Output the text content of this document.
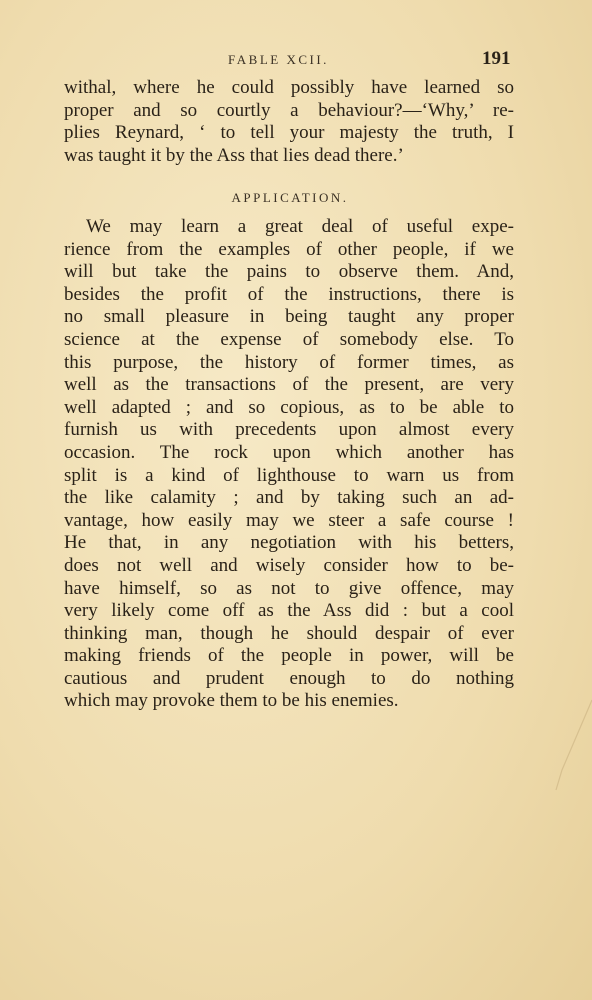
FABLE XCII.	191
withal, where he could possibly have learned so
proper and so courtly a behaviour?—‘Why,’ re-
plies Reynard, ‘ to tell your majesty the truth, I
was taught it by the Ass that lies dead there.’
APPLICATION.
We may learn a great deal of useful expe-
rience from the examples of other people, if we
will but take the pains to observe them. And,
besides the profit of the instructions, there is
no small pleasure in being taught any proper
science at the expense of somebody else. To
this purpose, the history of former times, as
well as the transactions of the present, are very
well adapted ; and so copious, as to be able to
furnish us with precedents upon almost every
occasion. The rock upon which another has
split is a kind of lighthouse to warn us from
the like calamity ; and by taking such an ad-
vantage, how easily may we steer a safe course !
He that, in any negotiation with his betters,
does not well and wisely consider how to be-
have himself, so as not to give offence, may
very likely come off as the Ass did : but a cool
thinking man, though he should despair of ever
making friends of the people in power, will be
cautious and prudent enough to do nothing
which may provoke them to be his enemies.
